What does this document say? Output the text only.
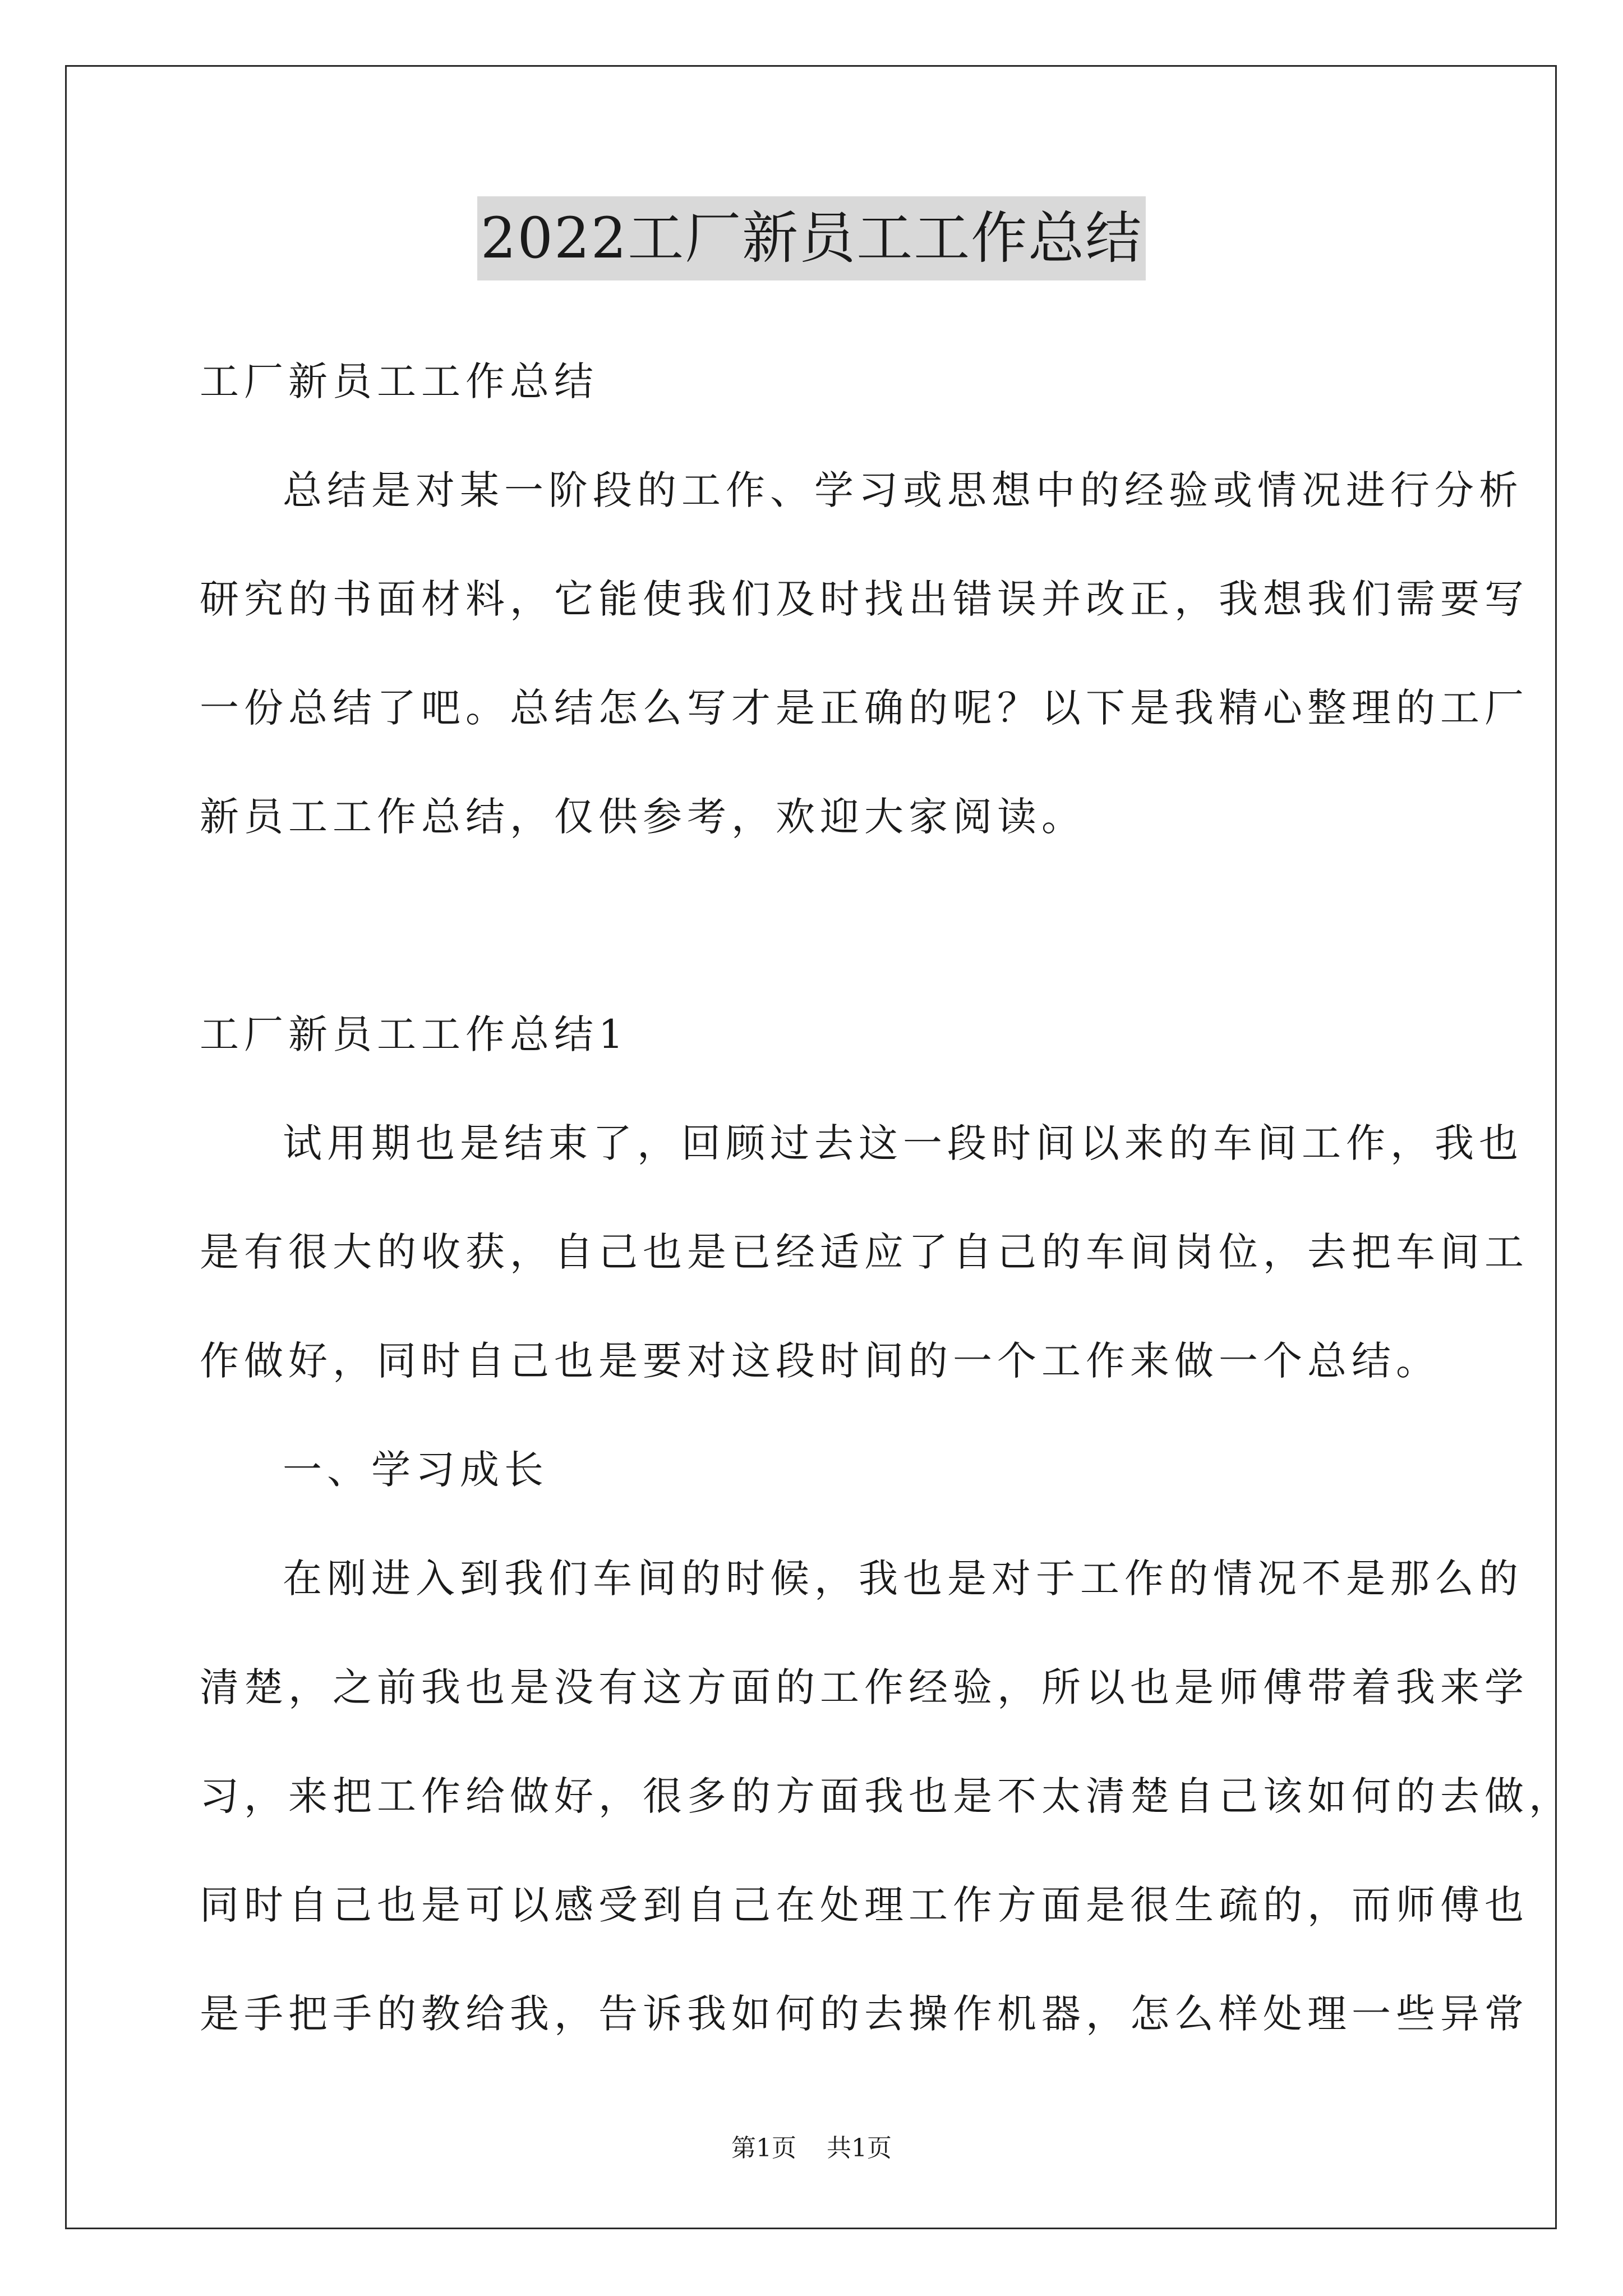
2022工厂新员工工作总结
工厂新员工工作总结
总结是对某一阶段的工作、学习或思想中的经验或情况进行分析
研究的书面材料，它能使我们及时找出错误并改正，我想我们需要写
一份总结了吧。总结怎么写才是正确的呢？以下是我精心整理的工厂
新员工工作总结，仅供参考，欢迎大家阅读。
工厂新员工工作总结1
试用期也是结束了，回顾过去这一段时间以来的车间工作，我也
是有很大的收获，自己也是已经适应了自己的车间岗位，去把车间工
作做好，同时自己也是要对这段时间的一个工作来做一个总结。
一、学习成长
在刚进入到我们车间的时候，我也是对于工作的情况不是那么的
清楚，之前我也是没有这方面的工作经验，所以也是师傅带着我来学
习，来把工作给做好，很多的方面我也是不太清楚自己该如何的去做，
同时自己也是可以感受到自己在处理工作方面是很生疏的，而师傅也
是手把手的教给我，告诉我如何的去操作机器，怎么样处理一些异常
第1页 共1页
